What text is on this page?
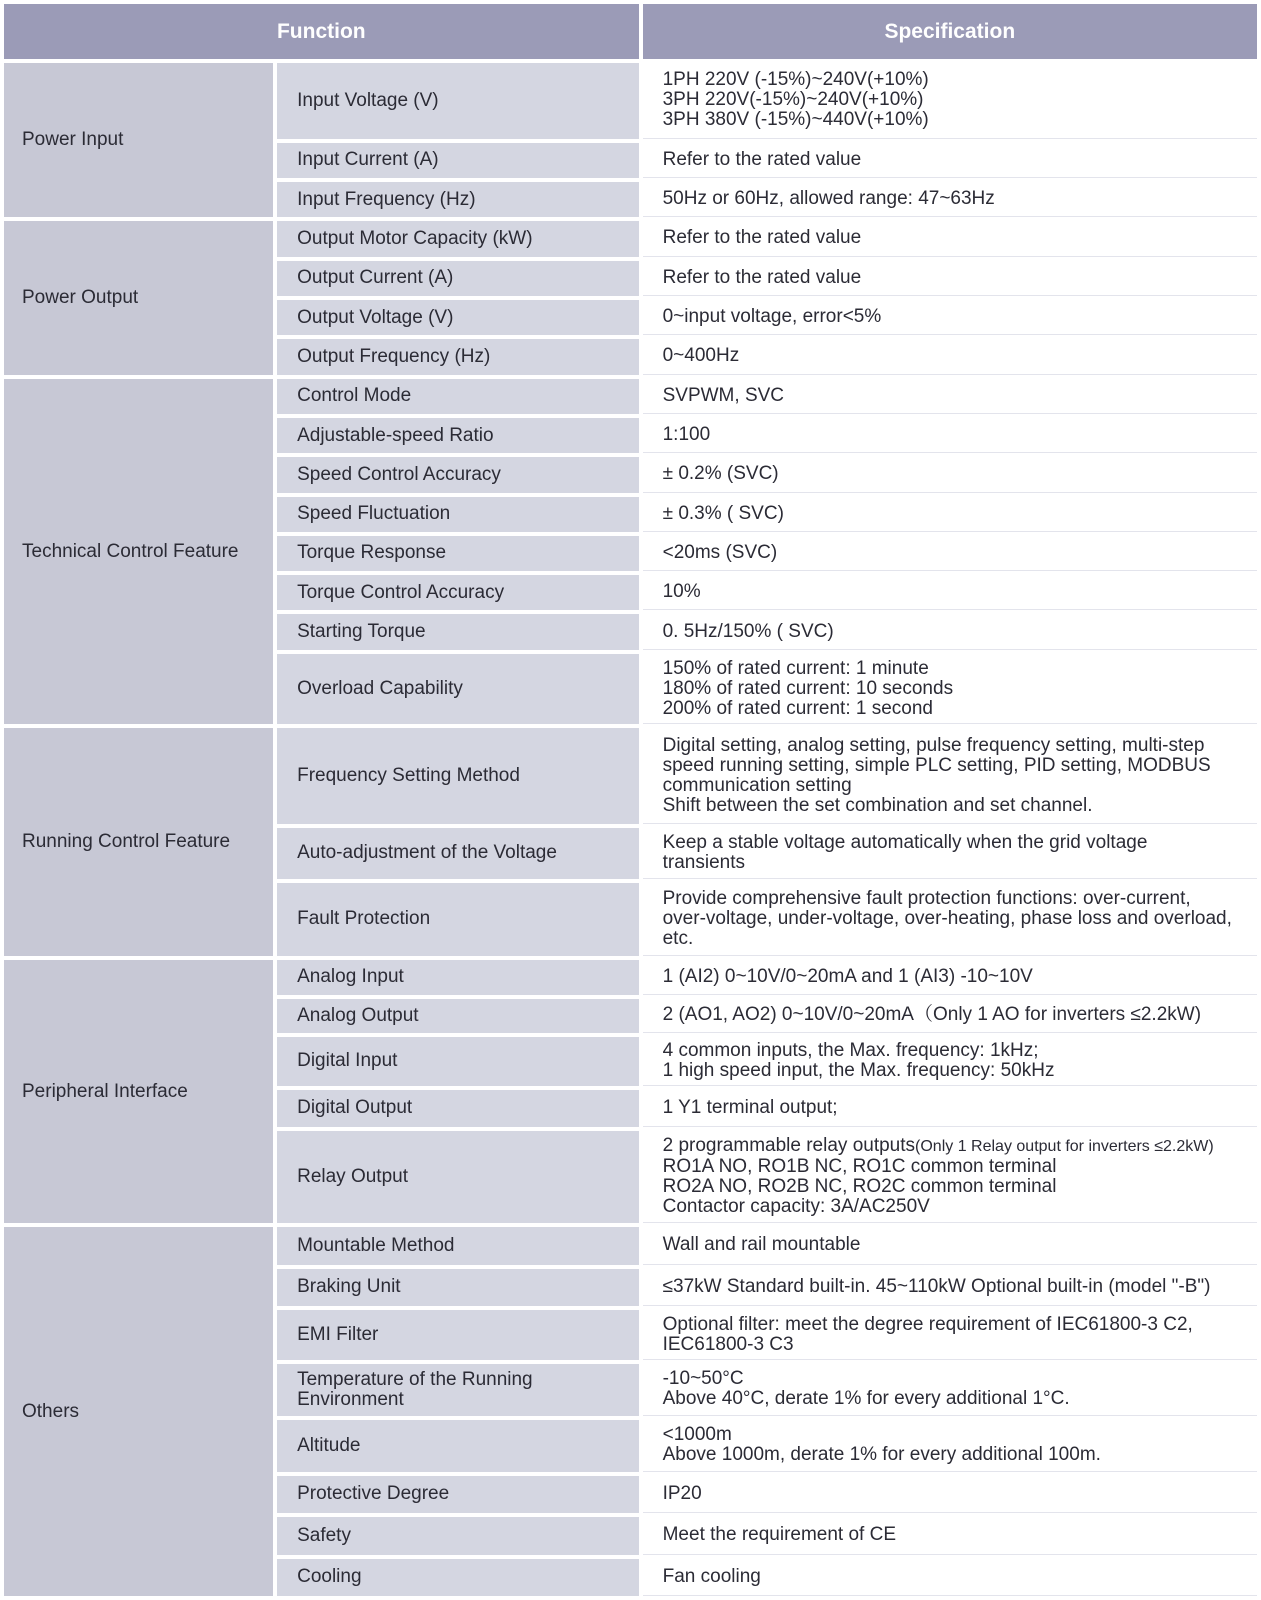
Function		Specification
Power Input	Input Voltage (V)	1PH 220V (-15%)~240V(+10%)
3PH 220V(-15%)~240V(+10%)
3PH 380V (-15%)~440V(+10%)

	Input Current (A)	Refer to the rated value

	Input Frequency (Hz)	50Hz or 60Hz, allowed range: 47~63Hz

Power Output	Output Motor Capacity (kW)	Refer to the rated value

	Output Current (A)	Refer to the rated value

	Output Voltage (V)	0~input voltage, error<5%

	Output Frequency (Hz)	0~400Hz

Technical Control Feature	Control Mode	SVPWM, SVC

	Adjustable-speed Ratio	1:100

	Speed Control Accuracy	± 0.2% (SVC)

	Speed Fluctuation	± 0.3% ( SVC)

	Torque Response	<20ms (SVC)

	Torque Control Accuracy	10%

	Starting Torque	0. 5Hz/150% ( SVC)

	Overload Capability	150% of rated current: 1 minute
180% of rated current: 10 seconds
200% of rated current: 1 second

Running Control Feature	Frequency Setting Method	Digital setting, analog setting, pulse frequency setting, multi-step
speed running setting, simple PLC setting, PID setting, MODBUS
communication setting
Shift between the set combination and set channel.

	Auto-adjustment of the Voltage	Keep a stable voltage automatically when the grid voltage
transients

	Fault Protection	Provide comprehensive fault protection functions: over-current,
over-voltage, under-voltage, over-heating, phase loss and overload,
etc.

Peripheral Interface	Analog Input	1 (AI2) 0~10V/0~20mA and 1 (AI3) -10~10V

	Analog Output	2 (AO1, AO2) 0~10V/0~20mA（Only 1 AO for inverters ≤2.2kW)

	Digital Input	4 common inputs, the Max. frequency: 1kHz;
1 high speed input, the Max. frequency: 50kHz

	Digital Output	1 Y1 terminal output;

	Relay Output	2 programmable relay outputs(Only 1 Relay output for inverters ≤2.2kW)
RO1A NO, RO1B NC, RO1C common terminal
RO2A NO, RO2B NC, RO2C common terminal
Contactor capacity: 3A/AC250V

Others	Mountable Method	Wall and rail mountable

	Braking Unit	≤37kW Standard built-in. 45~110kW Optional built-in (model "-B")

	EMI Filter	Optional filter: meet the degree requirement of IEC61800-3 C2,
IEC61800-3 C3

	Temperature of the Running
Environment	-10~50°C
Above 40°C, derate 1% for every additional 1°C.

	Altitude	<1000m
Above 1000m, derate 1% for every additional 100m.

	Protective Degree	IP20

	Safety	Meet the requirement of CE

	Cooling	Fan cooling
